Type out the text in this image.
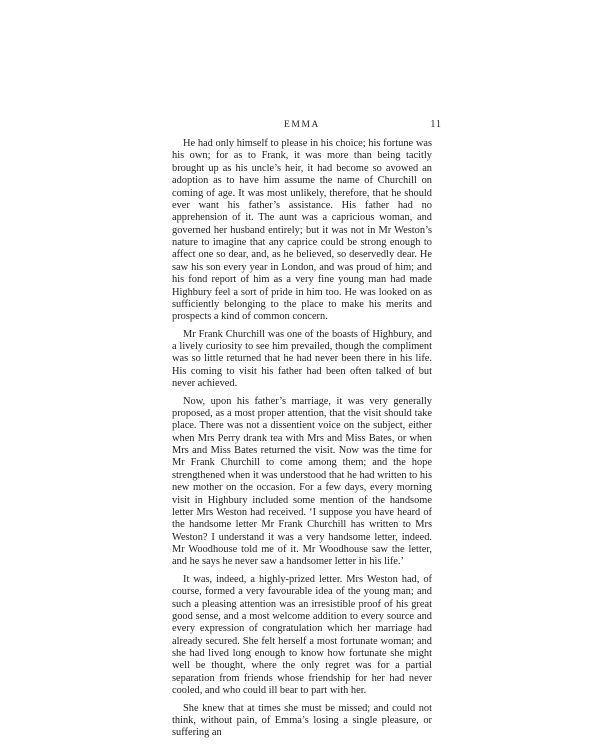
EMMA	11

He had only himself to please in his choice; his fortune was his own; for as to Frank, it was more than being tacitly brought up as his uncle’s heir, it had become so avowed an adoption as to have him assume the name of Churchill on coming of age. It was most unlikely, therefore, that he should ever want his father’s assistance. His father had no apprehension of it. The aunt was a capricious woman, and governed her husband entirely; but it was not in Mr Weston’s nature to imagine that any caprice could be strong enough to affect one so dear, and, as he believed, so deservedly dear. He saw his son every year in London, and was proud of him; and his fond report of him as a very fine young man had made Highbury feel a sort of pride in him too. He was looked on as sufficiently belonging to the place to make his merits and prospects a kind of common concern.

Mr Frank Churchill was one of the boasts of Highbury, and a lively curiosity to see him prevailed, though the compliment was so little returned that he had never been there in his life. His coming to visit his father had been often talked of but never achieved.

Now, upon his father’s marriage, it was very generally proposed, as a most proper attention, that the visit should take place. There was not a dissentient voice on the subject, either when Mrs Perry drank tea with Mrs and Miss Bates, or when Mrs and Miss Bates returned the visit. Now was the time for Mr Frank Churchill to come among them; and the hope strengthened when it was understood that he had written to his new mother on the occasion. For a few days, every morning visit in Highbury included some mention of the handsome letter Mrs Weston had received. ‘I suppose you have heard of the handsome letter Mr Frank Churchill has written to Mrs Weston? I understand it was a very handsome letter, indeed. Mr Woodhouse told me of it. Mr Woodhouse saw the letter, and he says he never saw a handsomer letter in his life.’

It was, indeed, a highly-prized letter. Mrs Weston had, of course, formed a very favourable idea of the young man; and such a pleasing attention was an irresistible proof of his great good sense, and a most welcome addition to every source and every expression of congratulation which her marriage had already secured. She felt herself a most fortunate woman; and she had lived long enough to know how fortunate she might well be thought, where the only regret was for a partial separation from friends whose friendship for her had never cooled, and who could ill bear to part with her.

She knew that at times she must be missed; and could not think, without pain, of Emma’s losing a single pleasure, or suffering an
